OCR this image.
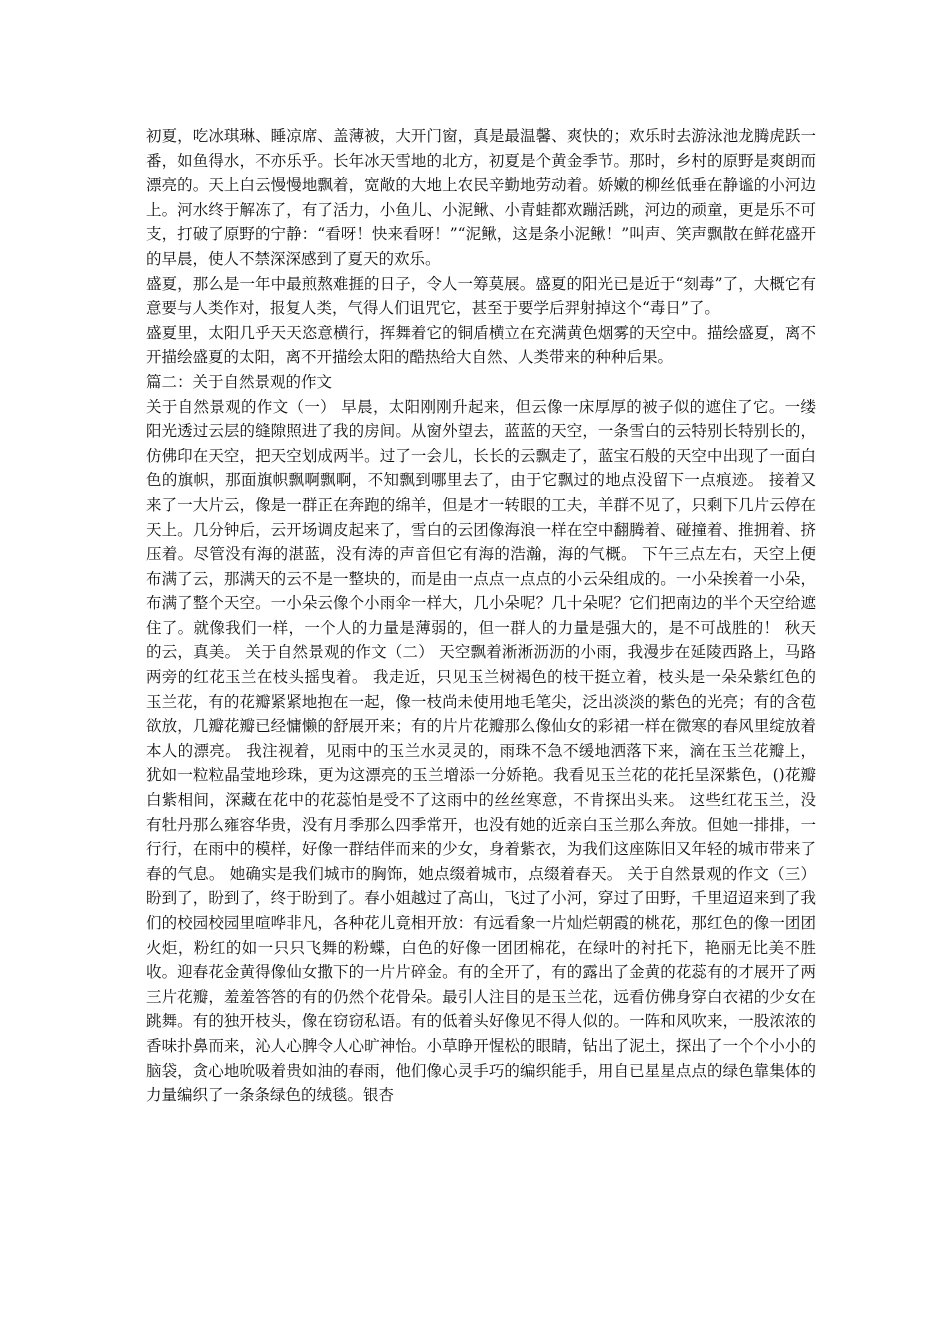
初夏，吃冰琪琳、睡凉席、盖薄被，大开门窗，真是最温馨、爽快的；欢乐时去游泳池龙腾虎跃一番，如鱼得水，不亦乐乎。长年冰天雪地的北方，初夏是个黄金季节。那时，乡村的原野是爽朗而漂亮的。天上白云慢慢地飘着，宽敞的大地上农民辛勤地劳动着。娇嫩的柳丝低垂在静谧的小河边上。河水终于解冻了，有了活力，小鱼儿、小泥鳅、小青蛙都欢蹦活跳，河边的顽童，更是乐不可支，打破了原野的宁静：“看呀！快来看呀！”“泥鳅，这是条小泥鳅！”叫声、笑声飘散在鲜花盛开的早晨，使人不禁深深感到了夏天的欢乐。

盛夏，那么是一年中最煎熬难捱的日子，令人一筹莫展。盛夏的阳光已是近于“刻毒”了，大概它有意要与人类作对，报复人类，气得人们诅咒它，甚至于要学后羿射掉这个“毒日”了。

盛夏里，太阳几乎天天恣意横行，挥舞着它的铜盾横立在充满黄色烟雾的天空中。描绘盛夏，离不开描绘盛夏的太阳，离不开描绘太阳的酷热给大自然、人类带来的种种后果。

篇二：关于自然景观的作文

关于自然景观的作文（一） 早晨，太阳刚刚升起来，但云像一床厚厚的被子似的遮住了它。一缕阳光透过云层的缝隙照进了我的房间。从窗外望去，蓝蓝的天空，一条雪白的云特别长特别长的，仿佛印在天空，把天空划成两半。过了一会儿，长长的云飘走了，蓝宝石般的天空中出现了一面白色的旗帜，那面旗帜飘啊飘啊，不知飘到哪里去了，由于它飘过的地点没留下一点痕迹。 接着又来了一大片云，像是一群正在奔跑的绵羊，但是才一转眼的工夫，羊群不见了，只剩下几片云停在天上。几分钟后，云开场调皮起来了，雪白的云团像海浪一样在空中翻腾着、碰撞着、推拥着、挤压着。尽管没有海的湛蓝，没有涛的声音但它有海的浩瀚，海的气概。 下午三点左右，天空上便布满了云，那满天的云不是一整块的，而是由一点点一点点的小云朵组成的。一小朵挨着一小朵，布满了整个天空。一小朵云像个小雨伞一样大，几小朵呢？几十朵呢？它们把南边的半个天空给遮住了。就像我们一样，一个人的力量是薄弱的，但一群人的力量是强大的，是不可战胜的！ 秋天的云，真美。 关于自然景观的作文（二） 天空飘着淅淅沥沥的小雨，我漫步在延陵西路上，马路两旁的红花玉兰在枝头摇曳着。 我走近，只见玉兰树褐色的枝干挺立着，枝头是一朵朵紫红色的玉兰花，有的花瓣紧紧地抱在一起，像一枝尚未使用地毛笔尖，泛出淡淡的紫色的光亮；有的含苞欲放，几瓣花瓣已经慵懒的舒展开来；有的片片花瓣那么像仙女的彩裙一样在微寒的春风里绽放着本人的漂亮。 我注视着，见雨中的玉兰水灵灵的，雨珠不急不缓地洒落下来，滴在玉兰花瓣上，犹如一粒粒晶莹地珍珠，更为这漂亮的玉兰增添一分娇艳。我看见玉兰花的花托呈深紫色，()花瓣白紫相间，深藏在花中的花蕊怕是受不了这雨中的丝丝寒意，不肯探出头来。 这些红花玉兰，没有牡丹那么雍容华贵，没有月季那么四季常开，也没有她的近亲白玉兰那么奔放。但她一排排，一行行，在雨中的模样，好像一群结伴而来的少女，身着紫衣，为我们这座陈旧又年轻的城市带来了春的气息。 她确实是我们城市的胸饰，她点缀着城市，点缀着春天。 关于自然景观的作文（三） 盼到了，盼到了，终于盼到了。春小姐越过了高山，飞过了小河，穿过了田野，千里迢迢来到了我们的校园校园里喧哗非凡，各种花儿竟相开放：有远看象一片灿烂朝霞的桃花，那红色的像一团团火炬，粉红的如一只只飞舞的粉蝶，白色的好像一团团棉花，在绿叶的衬托下，艳丽无比美不胜收。迎春花金黄得像仙女撒下的一片片碎金。有的全开了，有的露出了金黄的花蕊有的才展开了两三片花瓣，羞羞答答的有的仍然个花骨朵。最引人注目的是玉兰花，远看仿佛身穿白衣裙的少女在跳舞。有的独开枝头，像在窃窃私语。有的低着头好像见不得人似的。一阵和风吹来，一股浓浓的香味扑鼻而来，沁人心脾令人心旷神怡。小草睁开惺松的眼睛，钻出了泥土，探出了一个个小小的脑袋，贪心地吮吸着贵如油的春雨，他们像心灵手巧的编织能手，用自已星星点点的绿色靠集体的力量编织了一条条绿色的绒毯。银杏
